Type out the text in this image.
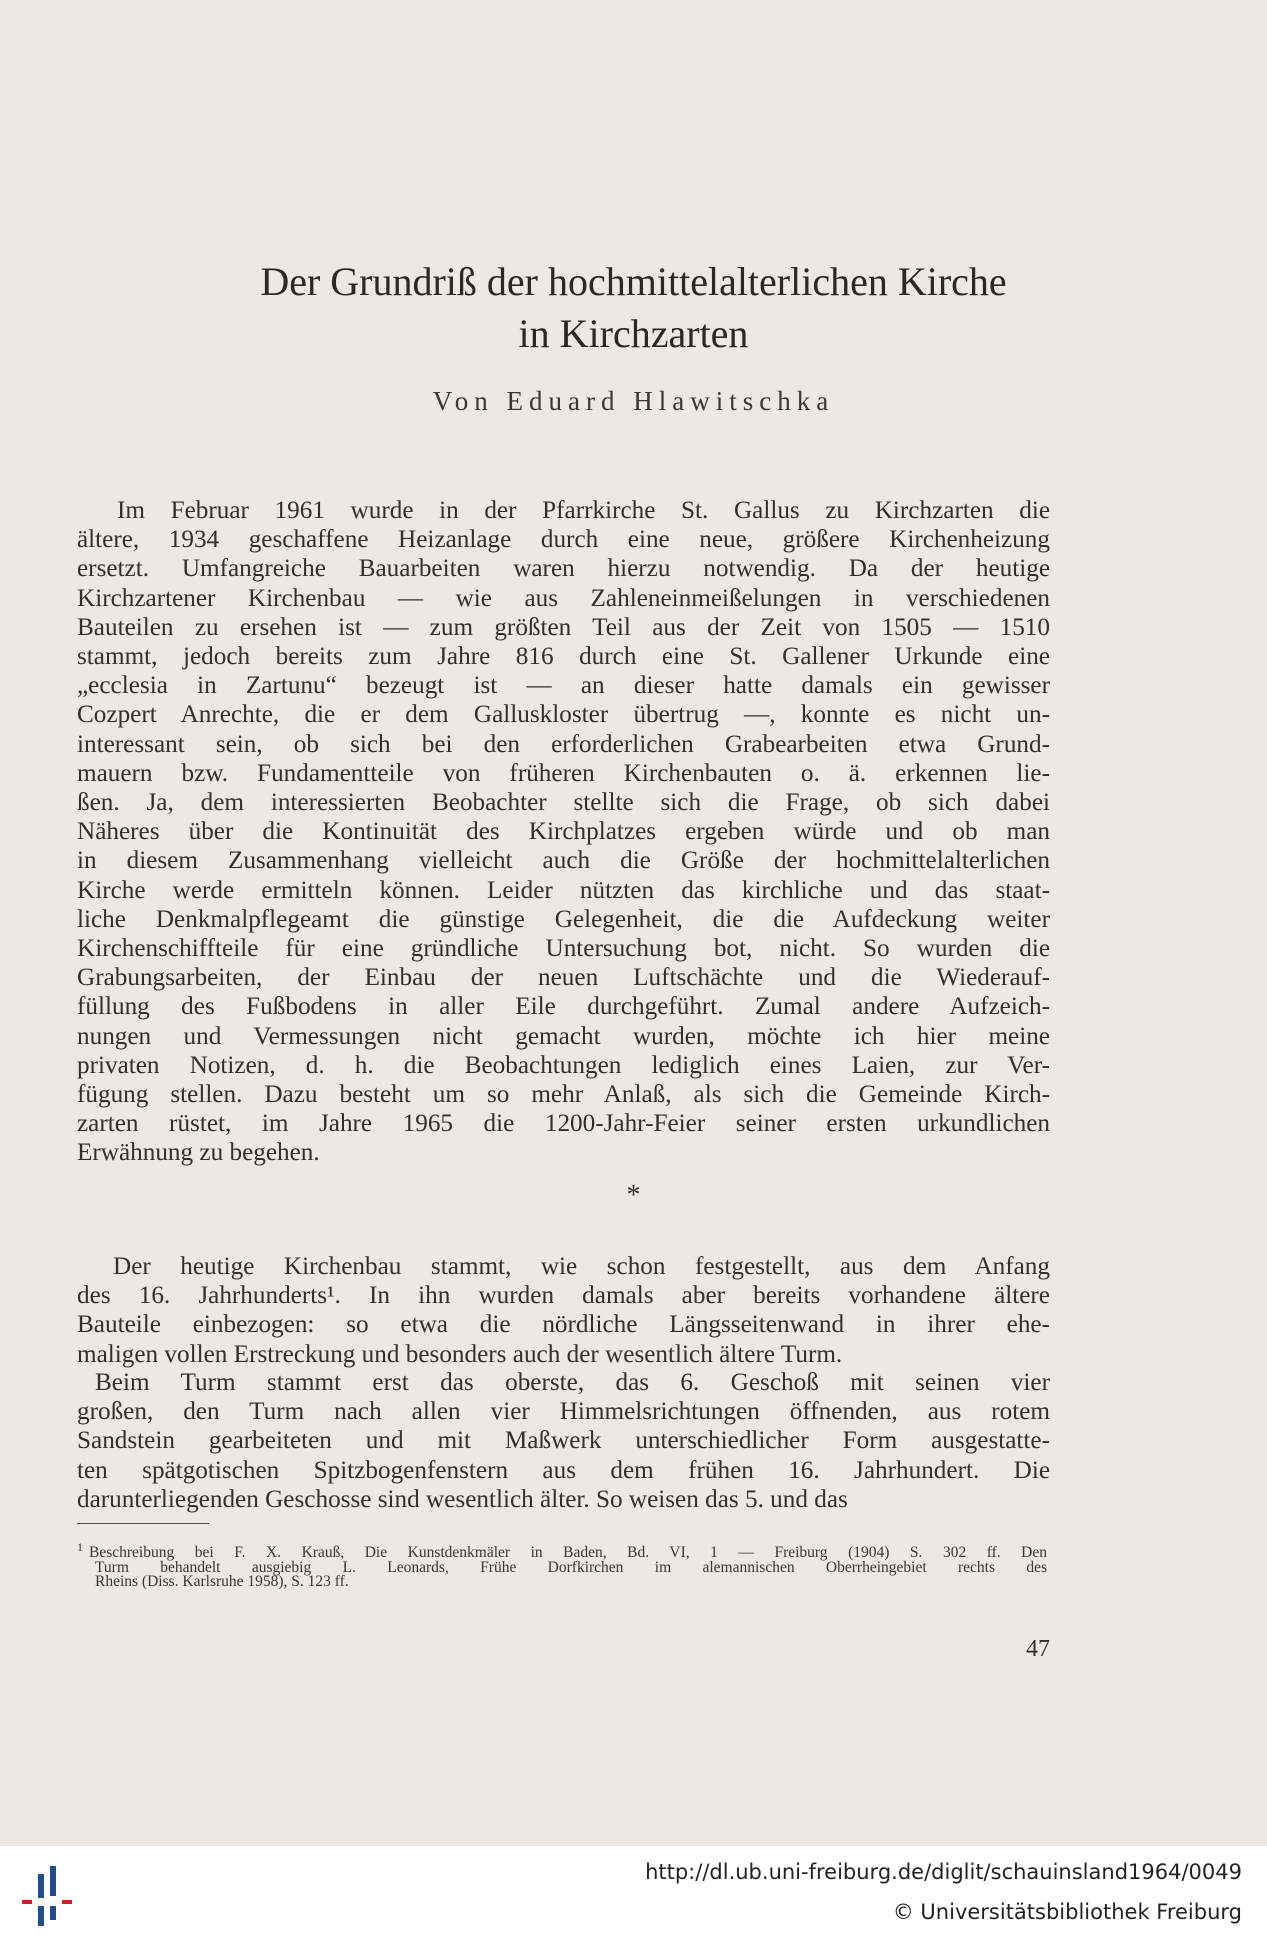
Der Grundriß der hochmittelalterlichen Kirche
in Kirchzarten
Von Eduard Hlawitschka
Im Februar 1961 wurde in der Pfarrkirche St. Gallus zu Kirchzarten die
ältere, 1934 geschaffene Heizanlage durch eine neue, größere Kirchenheizung
ersetzt. Umfangreiche Bauarbeiten waren hierzu notwendig. Da der heutige
Kirchzartener Kirchenbau — wie aus Zahleneinmeißelungen in verschiedenen
Bauteilen zu ersehen ist — zum größten Teil aus der Zeit von 1505 — 1510
stammt, jedoch bereits zum Jahre 816 durch eine St. Gallener Urkunde eine
„ecclesia in Zartunu“ bezeugt ist — an dieser hatte damals ein gewisser
Cozpert Anrechte, die er dem Galluskloster übertrug —, konnte es nicht un-
interessant sein, ob sich bei den erforderlichen Grabearbeiten etwa Grund-
mauern bzw. Fundamentteile von früheren Kirchenbauten o. ä. erkennen lie-
ßen. Ja, dem interessierten Beobachter stellte sich die Frage, ob sich dabei
Näheres über die Kontinuität des Kirchplatzes ergeben würde und ob man
in diesem Zusammenhang vielleicht auch die Größe der hochmittelalterlichen
Kirche werde ermitteln können. Leider nützten das kirchliche und das staat-
liche Denkmalpflegeamt die günstige Gelegenheit, die die Aufdeckung weiter
Kirchenschiffteile für eine gründliche Untersuchung bot, nicht. So wurden die
Grabungsarbeiten, der Einbau der neuen Luftschächte und die Wiederauf-
füllung des Fußbodens in aller Eile durchgeführt. Zumal andere Aufzeich-
nungen und Vermessungen nicht gemacht wurden, möchte ich hier meine
privaten Notizen, d. h. die Beobachtungen lediglich eines Laien, zur Ver-
fügung stellen. Dazu besteht um so mehr Anlaß, als sich die Gemeinde Kirch-
zarten rüstet, im Jahre 1965 die 1200-Jahr-Feier seiner ersten urkundlichen
Erwähnung zu begehen.
*
Der heutige Kirchenbau stammt, wie schon festgestellt, aus dem Anfang
des 16. Jahrhunderts¹. In ihn wurden damals aber bereits vorhandene ältere
Bauteile einbezogen: so etwa die nördliche Längsseitenwand in ihrer ehe-
maligen vollen Erstreckung und besonders auch der wesentlich ältere Turm.
Beim Turm stammt erst das oberste, das 6. Geschoß mit seinen vier
großen, den Turm nach allen vier Himmelsrichtungen öffnenden, aus rotem
Sandstein gearbeiteten und mit Maßwerk unterschiedlicher Form ausgestatte-
ten spätgotischen Spitzbogenfenstern aus dem frühen 16. Jahrhundert. Die
darunterliegenden Geschosse sind wesentlich älter. So weisen das 5. und das
$^1$ Beschreibung bei F. X. Krauß, Die Kunstdenkmäler in Baden, Bd. VI, 1 — Freiburg (1904) S. 302 ff. Den
Turm behandelt ausgiebig L. Leonards, Frühe Dorfkirchen im alemannischen Oberrheingebiet rechts des
Rheins (Diss. Karlsruhe 1958), S. 123 ff.
47
http://dl.ub.uni-freiburg.de/diglit/schauinsland1964/0049
© Universitätsbibliothek Freiburg
